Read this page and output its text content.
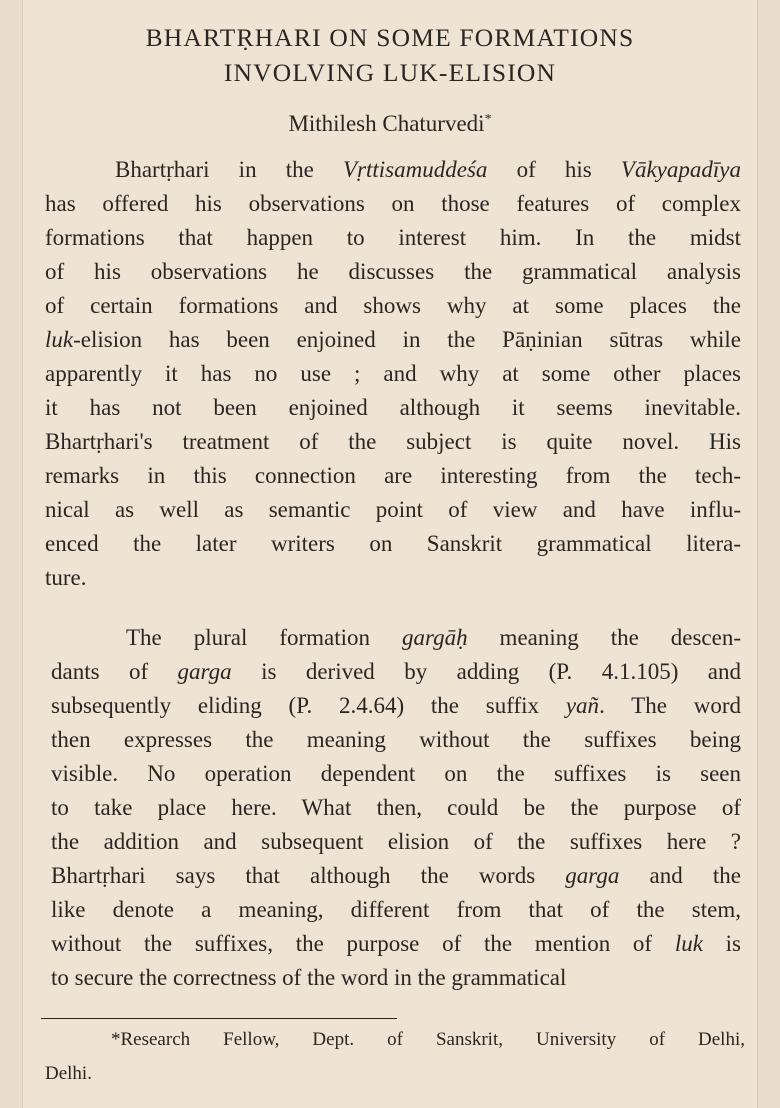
BHARTṚHARI ON SOME FORMATIONS
INVOLVING LUK-ELISION
Mithilesh Chaturvedi*

Bhartṛhari in the Vṛttisamuddeśa of his Vākyapadīya

has offered his observations on those features of complex

formations that happen to interest him. In the midst

of his observations he discusses the grammatical analysis

of certain formations and shows why at some places the

luk-elision has been enjoined in the Pāṇinian sūtras while

apparently it has no use ; and why at some other places

it has not been enjoined although it seems inevitable.

Bhartṛhari's treatment of the subject is quite novel. His

remarks in this connection are interesting from the tech-

nical as well as semantic point of view and have influ-

enced the later writers on Sanskrit grammatical litera-

ture.

The plural formation gargāḥ meaning the descen-

dants of garga is derived by adding (P. 4.1.105) and

subsequently eliding (P. 2.4.64) the suffix yañ. The word

then expresses the meaning without the suffixes being

visible. No operation dependent on the suffixes is seen

to take place here. What then, could be the purpose of

the addition and subsequent elision of the suffixes here ?

Bhartṛhari says that although the words garga and the

like denote a meaning, different from that of the stem,

without the suffixes, the purpose of the mention of luk is

to secure the correctness of the word in the grammatical

*Research Fellow, Dept. of Sanskrit, University of Delhi,

Delhi.
